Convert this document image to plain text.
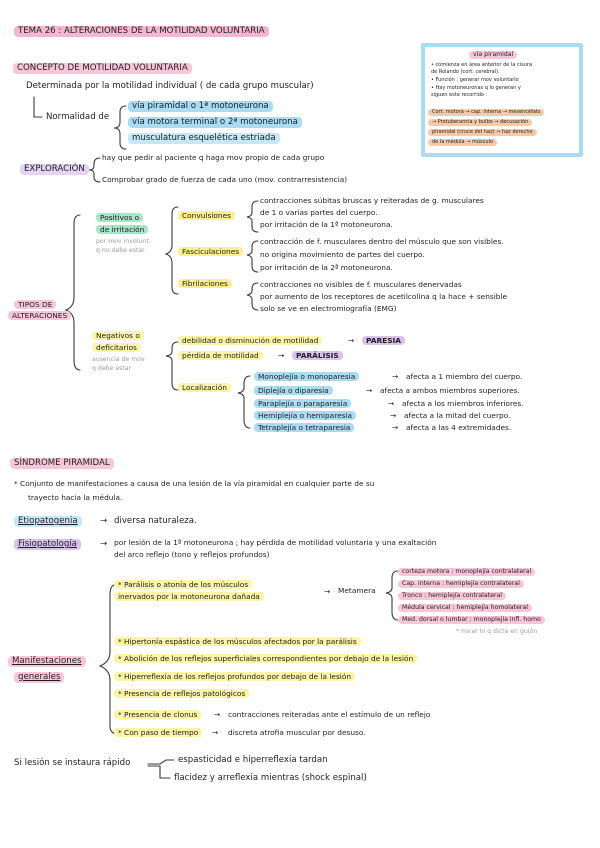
TEMA 26 : ALTERACIONES DE LA MOTILIDAD VOLUNTARIA
CONCEPTO DE MOTILIDAD VOLUNTARIA
Determinada por la motilidad individual ( de cada grupo muscular)
Normalidad de
vía piramidal o 1ª motoneurona
vía motora terminal o 2ª motoneurona
musculatura esquelética estriada
EXPLORACIÓN
hay que pedir al paciente q haga mov propio de cada grupo
Comprobar grado de fuerza de cada uno (mov. contrarresistencia)
vía piramidal
• comienza en área anterior de la cisura
de Rolando (cort. cerebral).
• Función : generar mov voluntario
• Hay motoneuronas q lo generan y
siguen este recorrido :
Cort. motora → cap. interna → mesencéfalo
→ Protuberancia y bulbo → decusación
piramidal (cruce del haz) → haz derecho
de la médula → músculo
TIPOS DE
ALTERACIONES
Positivos o
de irritación
por mov involunt.
q no debe estar
Convulsiones
contracciones súbitas bruscas y reiteradas de g. musculares
de 1 o varias partes del cuerpo.
por irritación de la 1ª motoneurona.
Fasciculaciones
contracción de f. musculares dentro del músculo que son visibles.
no origina movimiento de partes del cuerpo.
por irritación de la 2ª motoneurona.
Fibrilaciones	contracciones no visibles de f. musculares denervadas
por aumento de los receptores de acetilcolina q la hace + sensible
solo se ve en electromiografía (EMG)
Negativos o
deficitarios
ausencia de mov
q debe estar
debilidad o disminución de motilidad	→	PARESIA
pérdida de motilidad	→	PARÁLISIS
Localización
Monoplejía o monoparesia	→ afecta a 1 miembro del cuerpo.
Diplejía o diparesia	→ afecta a ambos miembros superiores.
Paraplejía o paraparesia	→ afecta a los miembros inferiores.
Hemiplejía o hemiparesia	→ afecta a la mitad del cuerpo.
Tetraplejía o tetraparesia	→ afecta a las 4 extremidades.
SÍNDROME PIRAMIDAL
* Conjunto de manifestaciones a causa de una lesión de la vía piramidal en cualquier parte de su
trayecto hacia la médula.
Etiopatogenia	→ diversa naturaleza.
Fisiopatología	→ por lesión de la 1ª motoneurona ; hay pérdida de motilidad voluntaria y una exaltación
del arco reflejo (tono y reflejos profundos)
Manifestaciones
generales
* Parálisis o atonía de los músculos
inervados por la motoneurona dañada
→ Metamera
corteza motora : monoplejía contralateral
Cap. interna : hemiplejía contralateral
Tronco : hemiplejía contralateral
Médula cervical : hemiplejía homolateral
Med. dorsal o lumbar : monoplejía infl. homo
* mirar lo q dicta en guión
* Hipertonía espástica de los músculos afectados por la parálisis
* Abolición de los reflejos superficiales correspondientes por debajo de la lesión
* Hiperreflexia de los reflejos profundos por debajo de la lesión
* Presencia de reflejos patológicos
* Presencia de clonus	→ contracciones reiteradas ante el estímulo de un reflejo
* Con paso de tiempo	→ discreta atrofia muscular por desuso.
Si lesión se instaura rápido	espasticidad e hiperreflexia tardan
flacidez y arreflexia mientras (shock espinal)
